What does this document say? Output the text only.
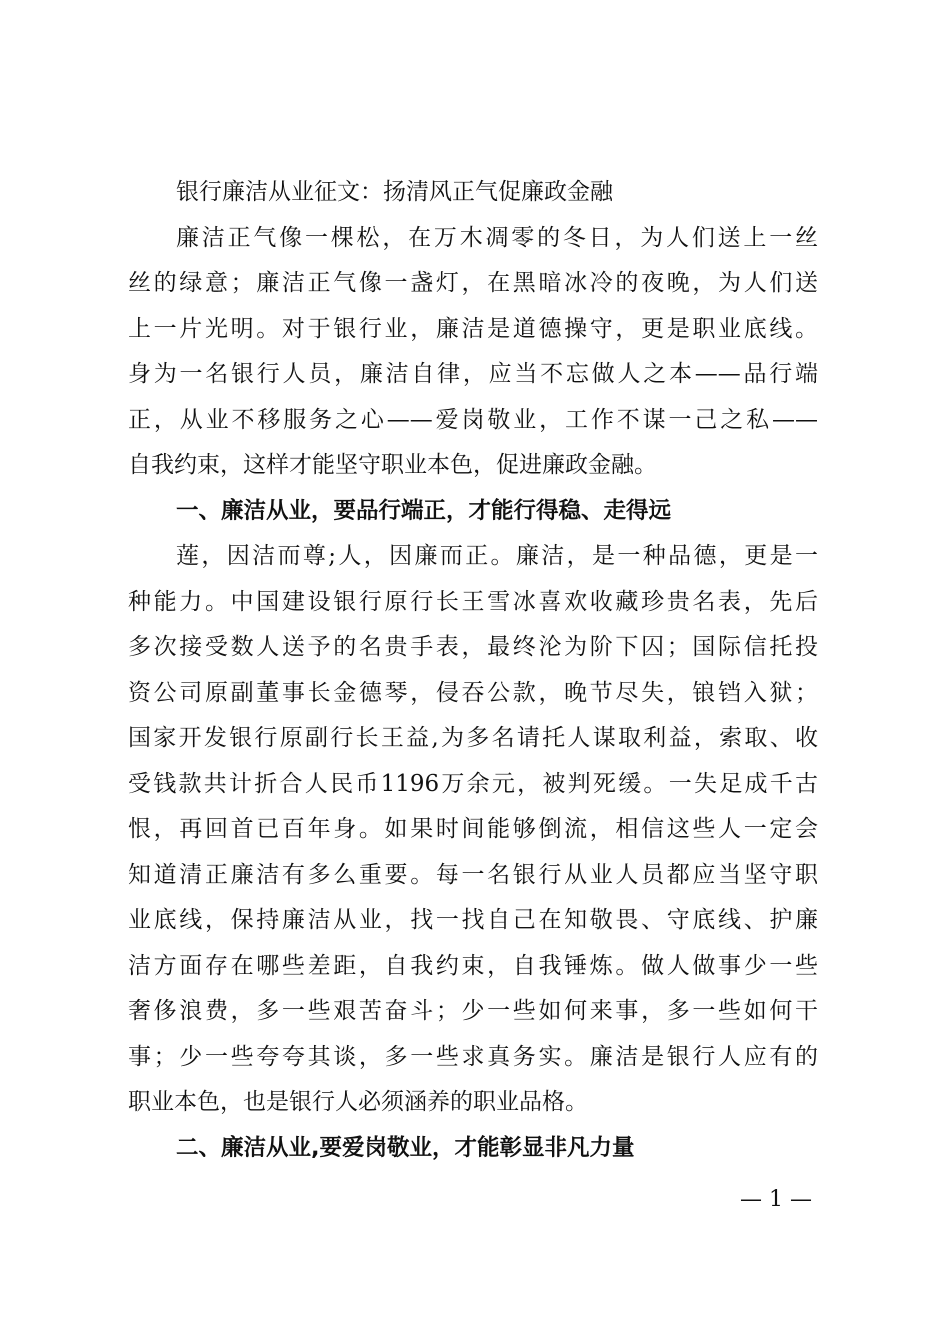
银行廉洁从业征文：扬清风正气促廉政金融
廉洁正气像一棵松，在万木凋零的冬日，为人们送上一丝
丝的绿意；廉洁正气像一盏灯，在黑暗冰冷的夜晚，为人们送
上一片光明。对于银行业，廉洁是道德操守，更是职业底线。
身为一名银行人员，廉洁自律，应当不忘做人之本——品行端
正，从业不移服务之心——爱岗敬业，工作不谋一己之私——
自我约束，这样才能坚守职业本色，促进廉政金融。
一、廉洁从业，要品行端正，才能行得稳、走得远
莲，因洁而尊;人，因廉而正。廉洁，是一种品德，更是一
种能力。中国建设银行原行长王雪冰喜欢收藏珍贵名表，先后
多次接受数人送予的名贵手表，最终沦为阶下囚；国际信托投
资公司原副董事长金德琴，侵吞公款，晚节尽失，锒铛入狱；
国家开发银行原副行长王益,为多名请托人谋取利益，索取、收
受钱款共计折合人民币1196万余元，被判死缓。一失足成千古
恨，再回首已百年身。如果时间能够倒流，相信这些人一定会
知道清正廉洁有多么重要。每一名银行从业人员都应当坚守职
业底线，保持廉洁从业，找一找自己在知敬畏、守底线、护廉
洁方面存在哪些差距，自我约束，自我锤炼。做人做事少一些
奢侈浪费，多一些艰苦奋斗；少一些如何来事，多一些如何干
事；少一些夸夸其谈，多一些求真务实。廉洁是银行人应有的
职业本色，也是银行人必须涵养的职业品格。
二、廉洁从业,要爱岗敬业，才能彰显非凡力量
— 1 —
